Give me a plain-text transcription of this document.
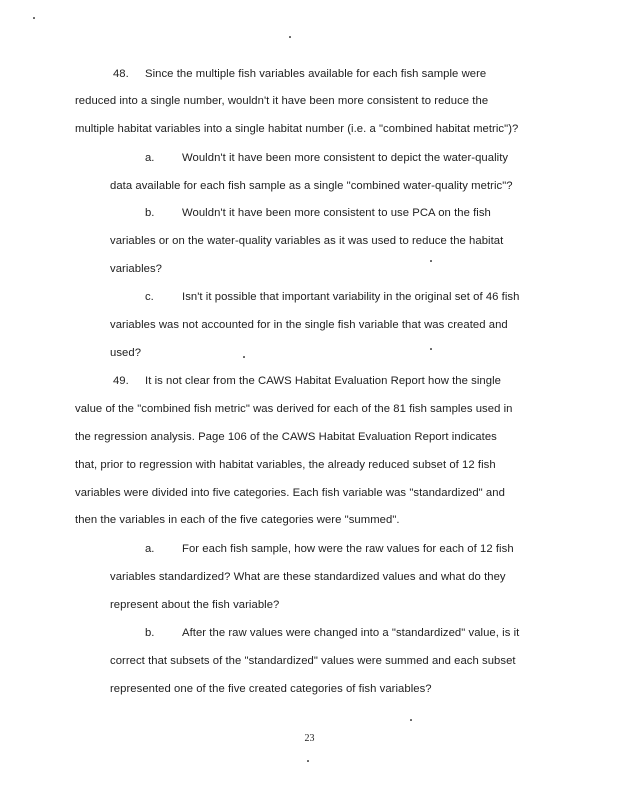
48. Since the multiple fish variables available for each fish sample were
reduced into a single number, wouldn't it have been more consistent to reduce the
multiple habitat variables into a single habitat number (i.e. a "combined habitat metric")?
a. Wouldn't it have been more consistent to depict the water-quality
data available for each fish sample as a single "combined water-quality metric"?
b. Wouldn't it have been more consistent to use PCA on the fish
variables or on the water-quality variables as it was used to reduce the habitat
variables?
c. Isn't it possible that important variability in the original set of 46 fish
variables was not accounted for in the single fish variable that was created and
used?
49. It is not clear from the CAWS Habitat Evaluation Report how the single
value of the "combined fish metric" was derived for each of the 81 fish samples used in
the regression analysis. Page 106 of the CAWS Habitat Evaluation Report indicates
that, prior to regression with habitat variables, the already reduced subset of 12 fish
variables were divided into five categories. Each fish variable was "standardized" and
then the variables in each of the five categories were "summed".
a. For each fish sample, how were the raw values for each of 12 fish
variables standardized? What are these standardized values and what do they
represent about the fish variable?
b. After the raw values were changed into a "standardized" value, is it
correct that subsets of the "standardized" values were summed and each subset
represented one of the five created categories of fish variables?
23
